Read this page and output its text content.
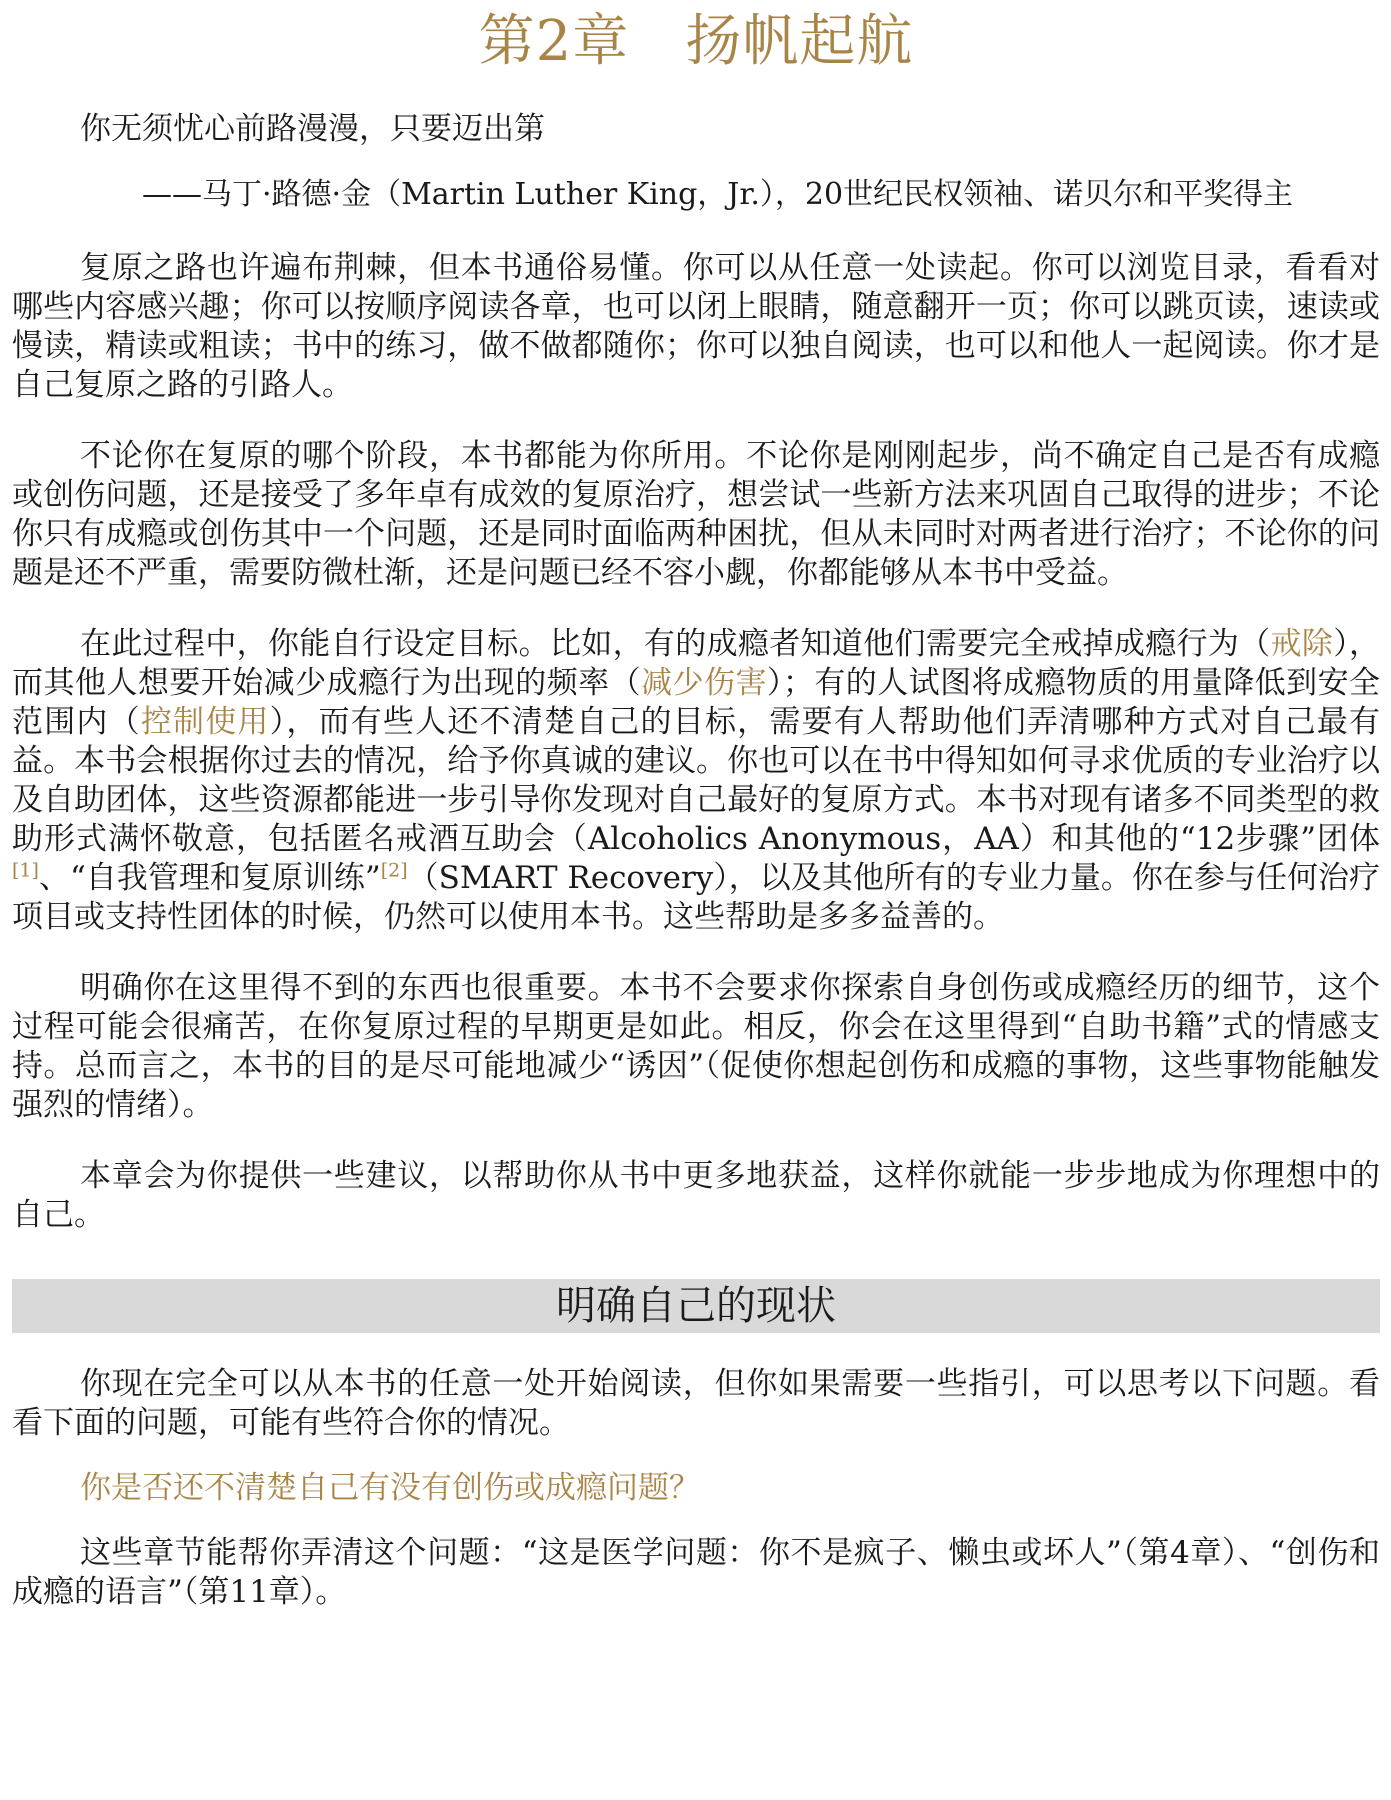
第2章 扬帆起航

你无须忧心前路漫漫，只要迈出第

——马丁·路德·金（Martin Luther King，Jr.），20世纪民权领袖、诺贝尔和平奖得主

复原之路也许遍布荆棘，但本书通俗易懂。你可以从任意一处读起。你可以浏览目录，看看对哪些内容感兴趣；你可以按顺序阅读各章，也可以闭上眼睛，随意翻开一页；你可以跳页读，速读或慢读，精读或粗读；书中的练习，做不做都随你；你可以独自阅读，也可以和他人一起阅读。你才是自己复原之路的引路人。

不论你在复原的哪个阶段，本书都能为你所用。不论你是刚刚起步，尚不确定自己是否有成瘾或创伤问题，还是接受了多年卓有成效的复原治疗，想尝试一些新方法来巩固自己取得的进步；不论你只有成瘾或创伤其中一个问题，还是同时面临两种困扰，但从未同时对两者进行治疗；不论你的问题是还不严重，需要防微杜渐，还是问题已经不容小觑，你都能够从本书中受益。

在此过程中，你能自行设定目标。比如，有的成瘾者知道他们需要完全戒掉成瘾行为（戒除），而其他人想要开始减少成瘾行为出现的频率（减少伤害）；有的人试图将成瘾物质的用量降低到安全范围内（控制使用），而有些人还不清楚自己的目标，需要有人帮助他们弄清哪种方式对自己最有益。本书会根据你过去的情况，给予你真诚的建议。你也可以在书中得知如何寻求优质的专业治疗以及自助团体，这些资源都能进一步引导你发现对自己最好的复原方式。本书对现有诸多不同类型的救助形式满怀敬意，包括匿名戒酒互助会（Alcoholics Anonymous，AA）和其他的“12步骤”团体[1]、“自我管理和复原训练”[2]（SMART Recovery），以及其他所有的专业力量。你在参与任何治疗项目或支持性团体的时候，仍然可以使用本书。这些帮助是多多益善的。

明确你在这里得不到的东西也很重要。本书不会要求你探索自身创伤或成瘾经历的细节，这个过程可能会很痛苦，在你复原过程的早期更是如此。相反，你会在这里得到“自助书籍”式的情感支持。总而言之，本书的目的是尽可能地减少“诱因”（促使你想起创伤和成瘾的事物，这些事物能触发强烈的情绪）。

本章会为你提供一些建议，以帮助你从书中更多地获益，这样你就能一步步地成为你理想中的自己。

明确自己的现状

你现在完全可以从本书的任意一处开始阅读，但你如果需要一些指引，可以思考以下问题。看看下面的问题，可能有些符合你的情况。

你是否还不清楚自己有没有创伤或成瘾问题？

这些章节能帮你弄清这个问题：“这是医学问题：你不是疯子、懒虫或坏人”（第4章）、“创伤和成瘾的语言”（第11章）。
